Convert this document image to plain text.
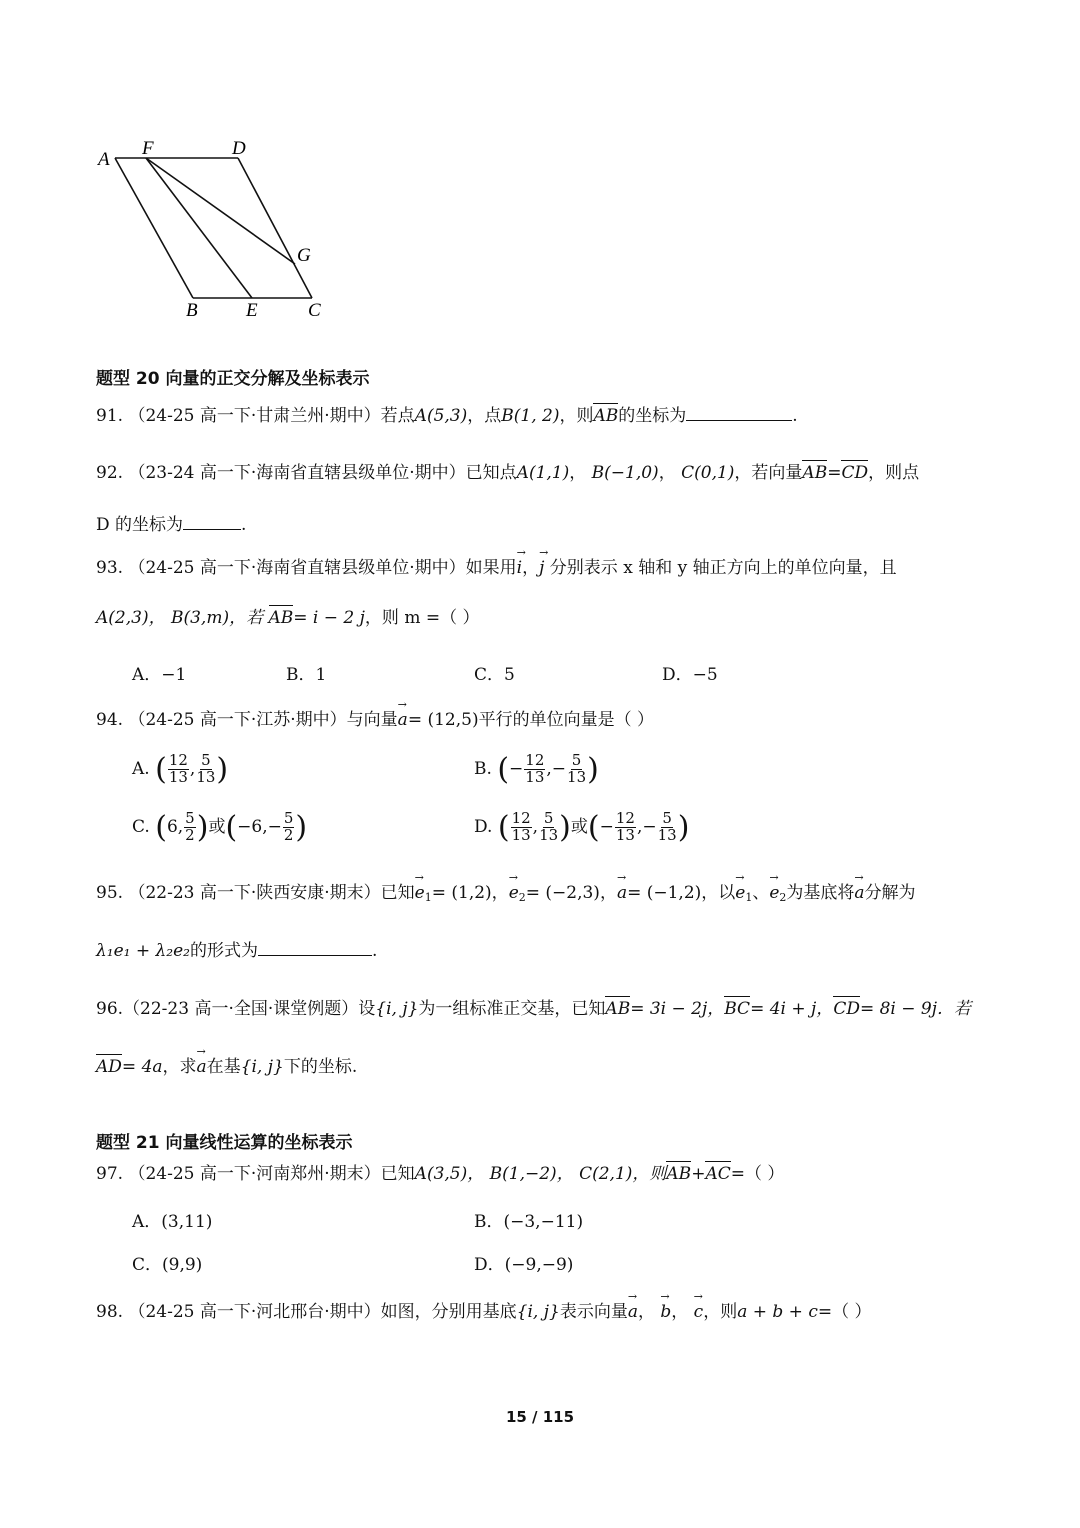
A
F	D
G
B	E	C
题型 20 向量的正交分解及坐标表示
91. （24-25 高一下·甘肃兰州·期中）若点A(5,3)，点B(1, 2)，则AB的坐标为	.
92. （23-24 高一下·海南省直辖县级单位·期中）已知点A(1,1)， B(−1,0)， C(0,1)，若向量AB=CD，则点
D 的坐标为	.
93. （24-25 高一下·海南省直辖县级单位·期中）如果用i →，j → 分别表示 x 轴和 y 轴正方向上的单位向量，且
A(2,3)， B(3,m)，若 AB= i − 2 j，则 m =（ ）
A．−1	B．1	C．5	D．−5
94. （24-25 高一下·江苏·期中）与向量a →= (12,5)平行的单位向量是（ ）
A. ( $\frac{12}{13}$ , $\frac{5}{13}$ )	B. (− $\frac{12}{13}$ ,− $\frac{5}{13}$ )
C. (6, $\frac{5}{2}$ )或($-6,- \frac{5}{2}$ )	D. ( $\frac{12}{13}$ , $\frac{5}{13}$ )或(− $\frac{12}{13}$ ,− $\frac{5}{13}$ )
95. （22-23 高一下·陕西安康·期末）已知$e \to_1= (1,2)$，$e \to_2= (-2,3)$，a →= (−1,2)，以$e \to_1$、$e \to_2$为基底将a →分解为
λ₁e₁ + λ₂e₂的形式为	.
96.（22-23 高一·全国·课堂例题）设{i, j}为一组标准正交基，已知AB= 3i − 2j，BC= 4i + j，CD= 8i − 9j．若
AD= 4a，求a →在基{i, j}下的坐标.
题型 21 向量线性运算的坐标表示
97. （24-25 高一下·河南郑州·期末）已知A(3,5)， B(1,−2)， C(2,1)，则AB+AC=（ ）
A．(3,11)	B．(−3,−11)
C．(9,9)	D．(−9,−9)
98. （24-25 高一下·河北邢台·期中）如图，分别用基底{i, j}表示向量a →， b →， c →，则a + b + c=（ ）
15 / 115
